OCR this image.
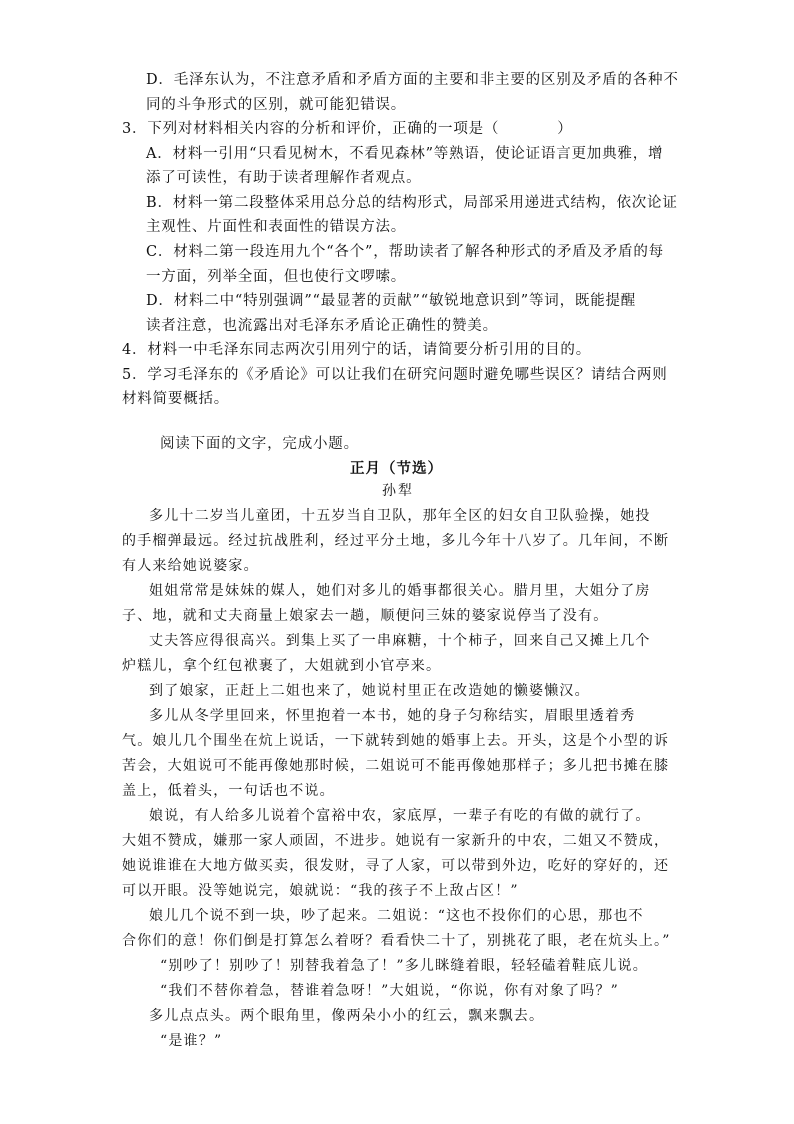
D．毛泽东认为，不注意矛盾和矛盾方面的主要和非主要的区别及矛盾的各种不
同的斗争形式的区别，就可能犯错误。
3．下列对材料相关内容的分析和评价，正确的一项是（	）
A．材料一引用“只看见树木，不看见森林”等熟语，使论证语言更加典雅，增
添了可读性，有助于读者理解作者观点。
B．材料一第二段整体采用总分总的结构形式，局部采用递进式结构，依次论证
主观性、片面性和表面性的错误方法。
C．材料二第一段连用九个“各个”，帮助读者了解各种形式的矛盾及矛盾的每
一方面，列举全面，但也使行文啰嗦。
D．材料二中“特别强调”“最显著的贡献”“敏锐地意识到”等词，既能提醒
读者注意，也流露出对毛泽东矛盾论正确性的赞美。
4．材料一中毛泽东同志两次引用列宁的话，请简要分析引用的目的。
5．学习毛泽东的《矛盾论》可以让我们在研究问题时避免哪些误区？请结合两则
材料简要概括。
阅读下面的文字，完成小题。
正月（节选）
孙犁
多儿十二岁当儿童团，十五岁当自卫队，那年全区的妇女自卫队验操，她投
的手榴弹最远。经过抗战胜利，经过平分土地，多儿今年十八岁了。几年间，不断
有人来给她说婆家。
姐姐常常是妹妹的媒人，她们对多儿的婚事都很关心。腊月里，大姐分了房
子、地，就和丈夫商量上娘家去一趟，顺便问三妹的婆家说停当了没有。
丈夫答应得很高兴。到集上买了一串麻糖，十个柿子，回来自己又摊上几个
炉糕儿，拿个红包袱裹了，大姐就到小官亭来。
到了娘家，正赶上二姐也来了，她说村里正在改造她的懒婆懒汉。
多儿从冬学里回来，怀里抱着一本书，她的身子匀称结实，眉眼里透着秀
气。娘儿几个围坐在炕上说话，一下就转到她的婚事上去。开头，这是个小型的诉
苦会，大姐说可不能再像她那时候，二姐说可不能再像她那样子；多儿把书摊在膝
盖上，低着头，一句话也不说。
娘说，有人给多儿说着个富裕中农，家底厚，一辈子有吃的有做的就行了。
大姐不赞成，嫌那一家人顽固，不进步。她说有一家新升的中农，二姐又不赞成，
她说谁谁在大地方做买卖，很发财，寻了人家，可以带到外边，吃好的穿好的，还
可以开眼。没等她说完，娘就说：“我的孩子不上敌占区！”
娘儿几个说不到一块，吵了起来。二姐说：“这也不投你们的心思，那也不
合你们的意！你们倒是打算怎么着呀？看看快二十了，别挑花了眼，老在炕头上。”
“别吵了！别吵了！别替我着急了！”多儿眯缝着眼，轻轻磕着鞋底儿说。
“我们不替你着急，替谁着急呀！”大姐说，“你说，你有对象了吗？”
多儿点点头。两个眼角里，像两朵小小的红云，飘来飘去。
“是谁？”
